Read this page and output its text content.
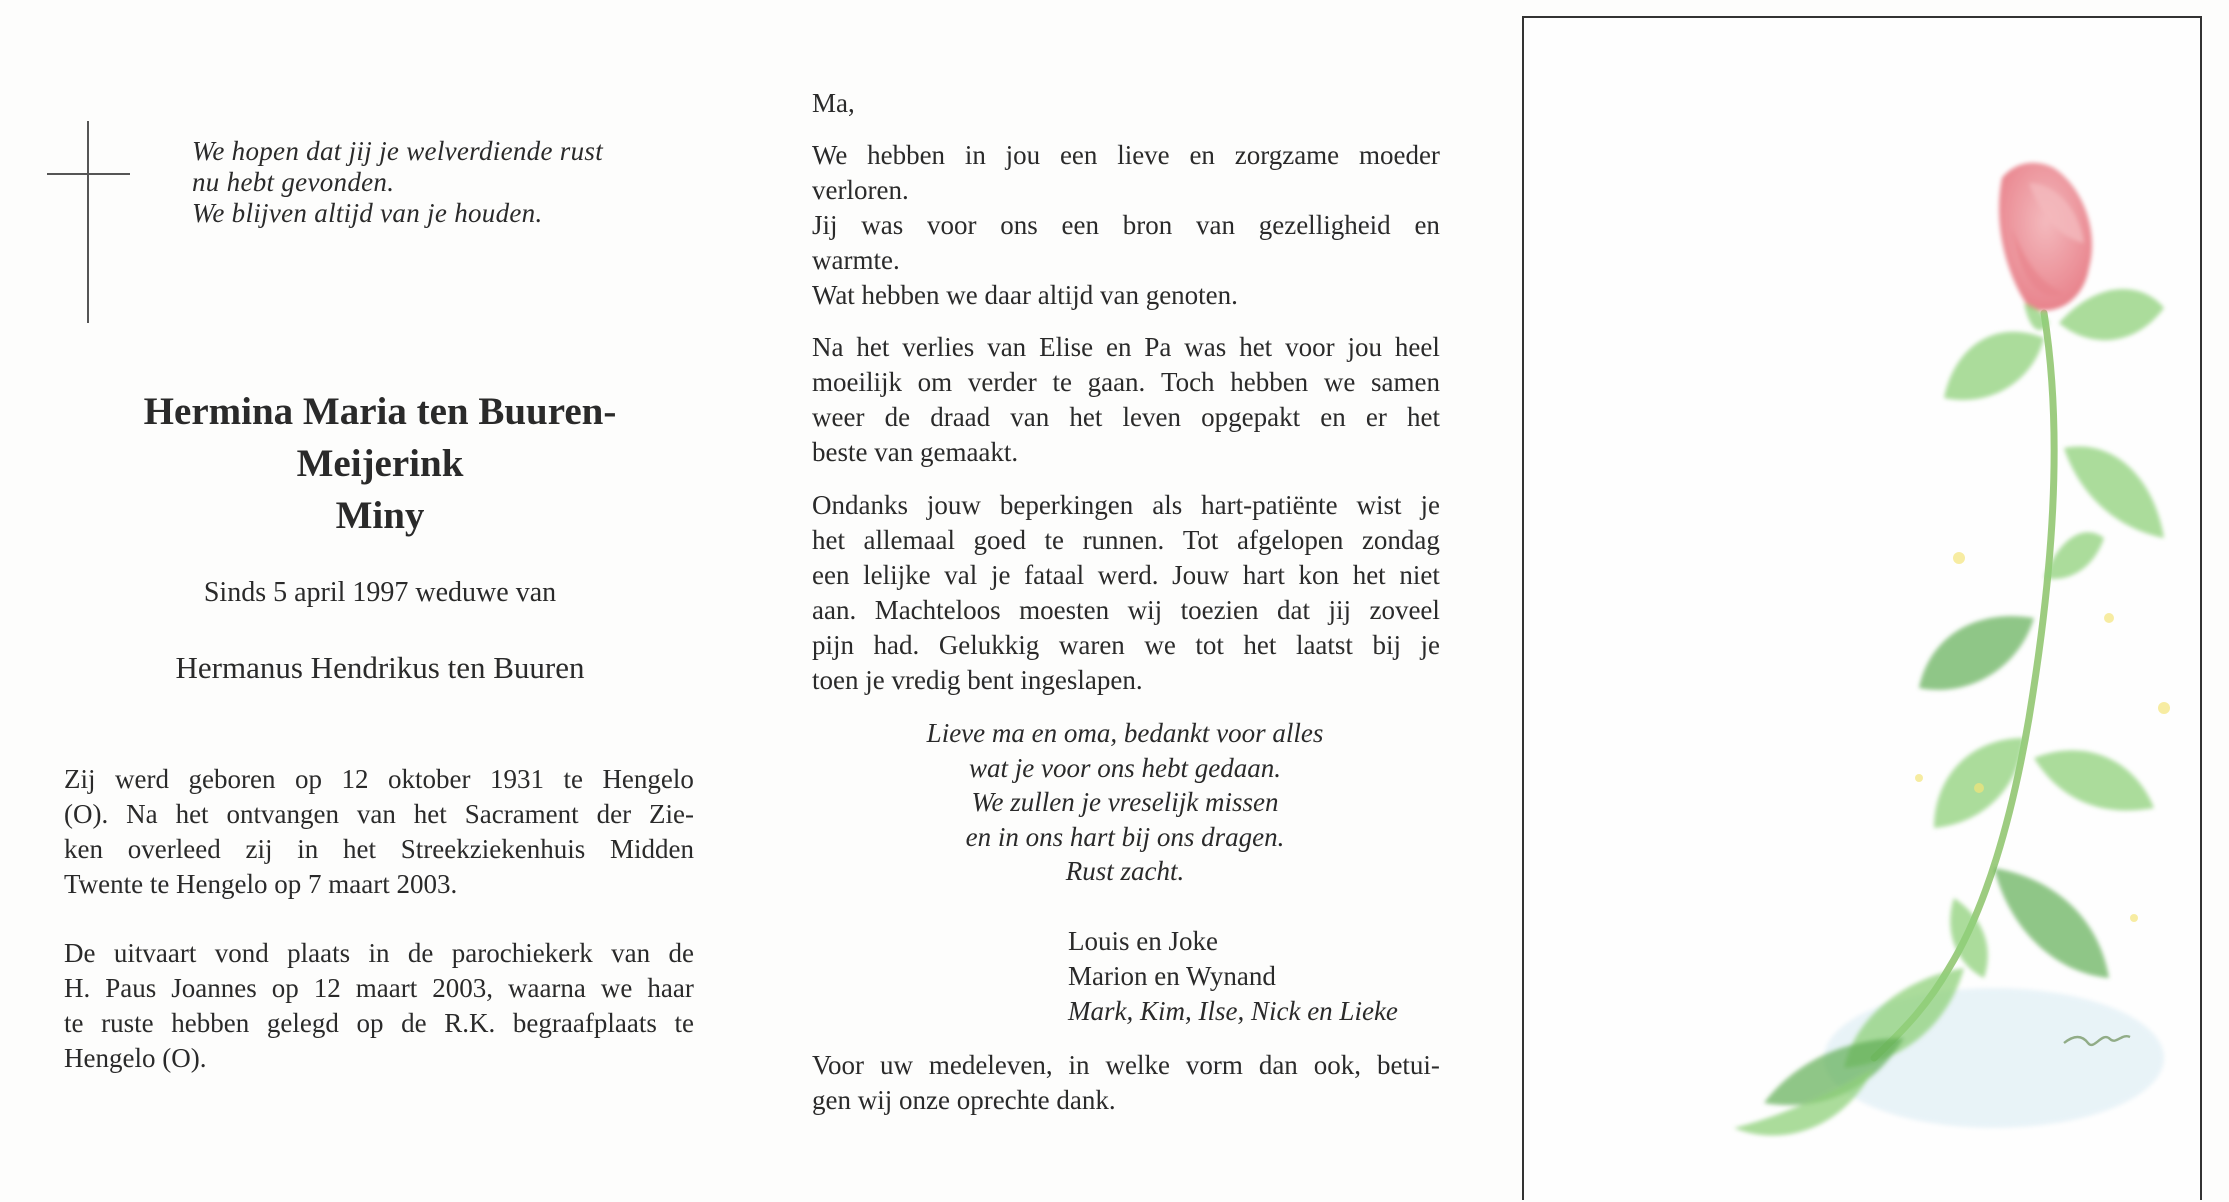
We hopen dat jij je welverdiende rust
nu hebt gevonden.
We blijven altijd van je houden.
Hermina Maria ten Buuren-
Meijerink
Miny
Sinds 5 april 1997 weduwe van
Hermanus Hendrikus ten Buuren
Zij werd geboren op 12 oktober 1931 te Hengelo
(O). Na het ontvangen van het Sacrament der Zie-
ken overleed zij in het Streekziekenhuis Midden
Twente te Hengelo op 7 maart 2003.
De uitvaart vond plaats in de parochiekerk van de
H. Paus Joannes op 12 maart 2003, waarna we haar
te ruste hebben gelegd op de R.K. begraafplaats te
Hengelo (O).
Ma,
We hebben in jou een lieve en zorgzame moeder
verloren.
Jij was voor ons een bron van gezelligheid en
warmte.
Wat hebben we daar altijd van genoten.
Na het verlies van Elise en Pa was het voor jou heel
moeilijk om verder te gaan. Toch hebben we samen
weer de draad van het leven opgepakt en er het
beste van gemaakt.
Ondanks jouw beperkingen als hart-patiënte wist je
het allemaal goed te runnen. Tot afgelopen zondag
een lelijke val je fataal werd. Jouw hart kon het niet
aan. Machteloos moesten wij toezien dat jij zoveel
pijn had. Gelukkig waren we tot het laatst bij je
toen je vredig bent ingeslapen.
Lieve ma en oma, bedankt voor alles
wat je voor ons hebt gedaan.
We zullen je vreselijk missen
en in ons hart bij ons dragen.
Rust zacht.
Louis en Joke
Marion en Wynand
Mark, Kim, Ilse, Nick en Lieke
Voor uw medeleven, in welke vorm dan ook, betui-
gen wij onze oprechte dank.
